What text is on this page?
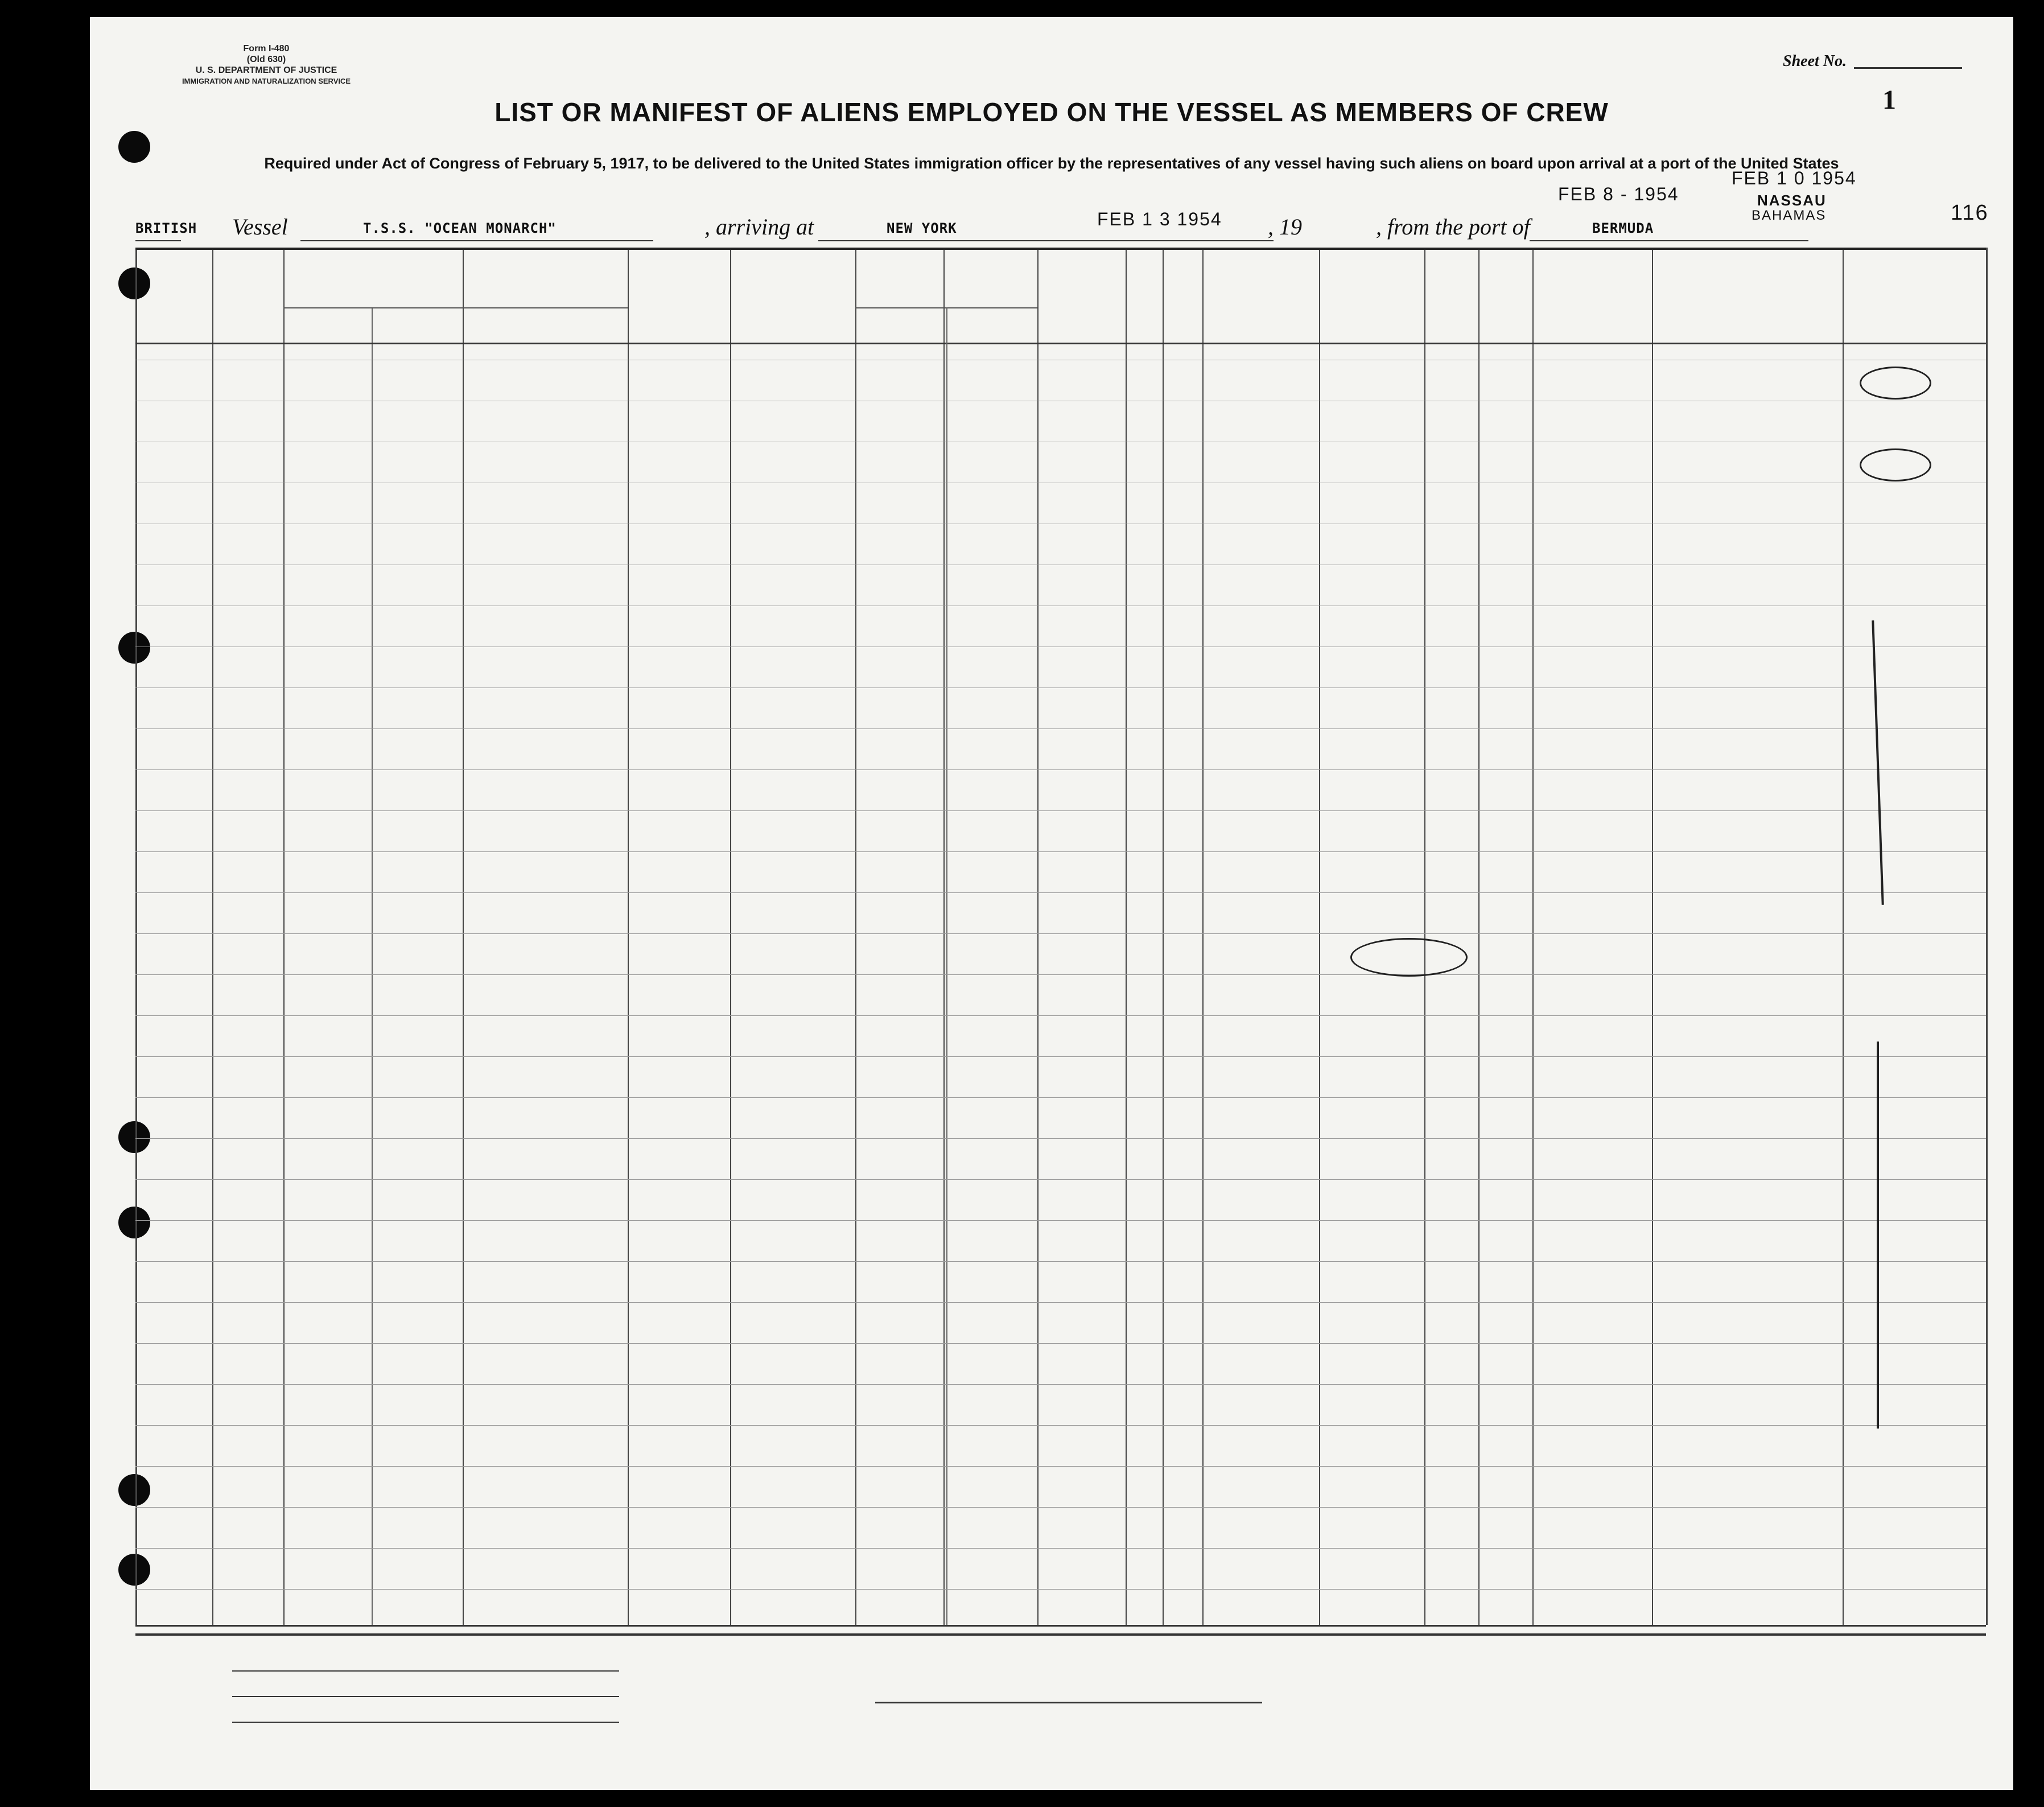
Form I-480
(Old 630)
U. S. DEPARTMENT OF JUSTICE
IMMIGRATION AND NATURALIZATION SERVICE
Sheet No.
1
LIST OR MANIFEST OF ALIENS EMPLOYED ON THE VESSEL AS MEMBERS OF CREW
Required under Act of Congress of February 5, 1917, to be delivered to the United States immigration officer by the representatives of any vessel having such aliens on board upon arrival at a port of the United States
BRITISH Vessel	T.S.S. "OCEAN MONARCH"	, arriving at	NEW YORK	FEB 1 3 1954 , 19	, from the port of	BERMUDA
FEB 8 - 1954
FEB 1 0 1954
NASSAU
BAHAMAS	116
